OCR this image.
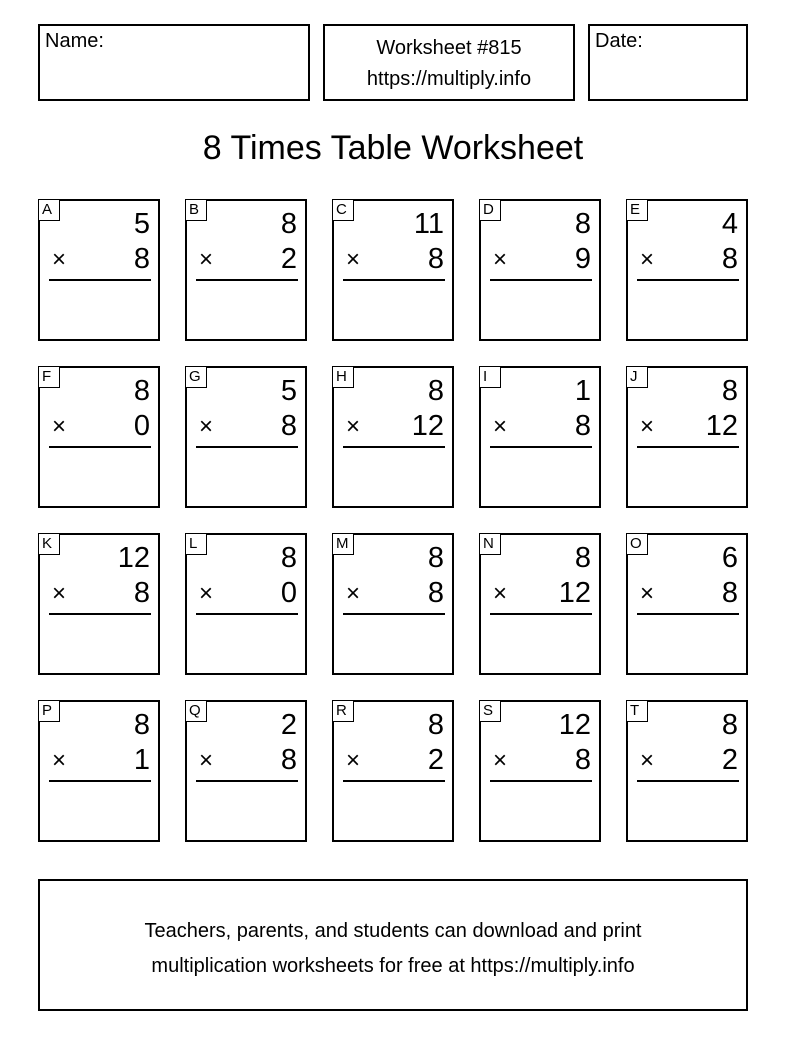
Name:	Worksheet #815
https://multiply.info
Date:
8 Times Table Worksheet
A	5
× 8
B	8
× 2
C 11
× 8
D	8
× 9
E	4
× 8
F	8
× 0
G	5
× 8
H	8
× 12
I	1
× 8
J	8
× 12
K 12
× 8
L	8
× 0
M	8
× 8
N	8
× 12
O	6
× 8
P	8
× 1
Q	2
× 8
R	8
× 2
S 12
× 8
T	8
× 2
Teachers, parents, and students can download and print
multiplication worksheets for free at https://multiply.info
